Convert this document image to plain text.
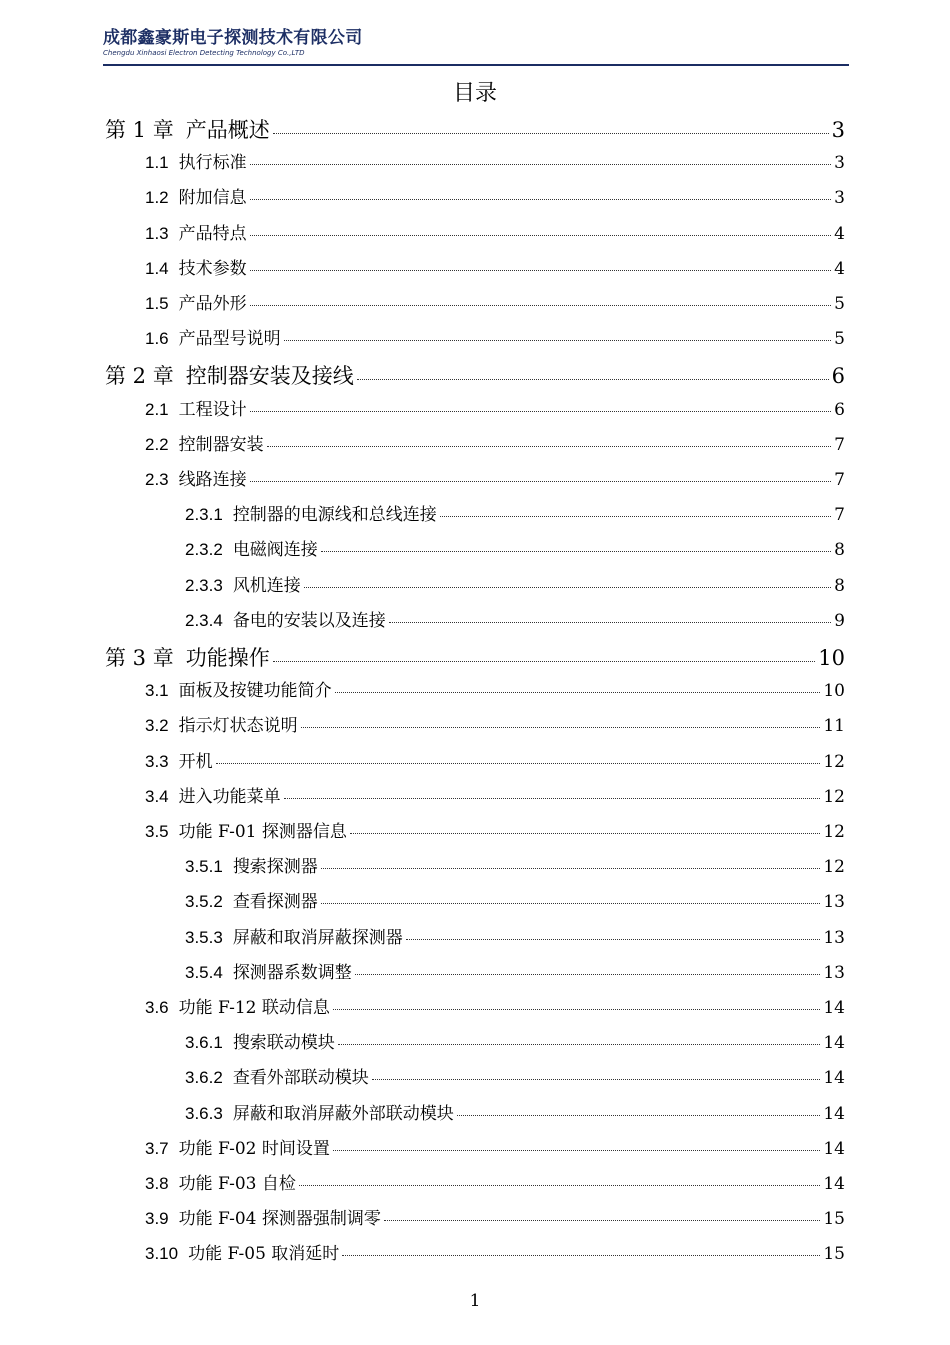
成都鑫豪斯电子探测技术有限公司
Chengdu Xinhaosi Electron Detecting Technology Co.,LTD
目录
第 1 章 产品概述	3
1.1 执行标准	3
1.2 附加信息	3
1.3 产品特点	4
1.4 技术参数	4
1.5 产品外形	5
1.6 产品型号说明	5
第 2 章 控制器安装及接线	6
2.1 工程设计	6
2.2 控制器安装	7
2.3 线路连接	7
2.3.1 控制器的电源线和总线连接	7
2.3.2 电磁阀连接	8
2.3.3 风机连接	8
2.3.4 备电的安装以及连接	9
第 3 章 功能操作	10
3.1 面板及按键功能简介	10
3.2 指示灯状态说明	11
3.3 开机	12
3.4 进入功能菜单	12
3.5 功能 F-01 探测器信息	12
3.5.1 搜索探测器	12
3.5.2 查看探测器	13
3.5.3 屏蔽和取消屏蔽探测器	13
3.5.4 探测器系数调整	13
3.6 功能 F-12 联动信息	14
3.6.1 搜索联动模块	14
3.6.2 查看外部联动模块	14
3.6.3 屏蔽和取消屏蔽外部联动模块	14
3.7 功能 F-02 时间设置	14
3.8 功能 F-03 自检	14
3.9 功能 F-04 探测器强制调零	15
3.10 功能 F-05 取消延时	15
1
